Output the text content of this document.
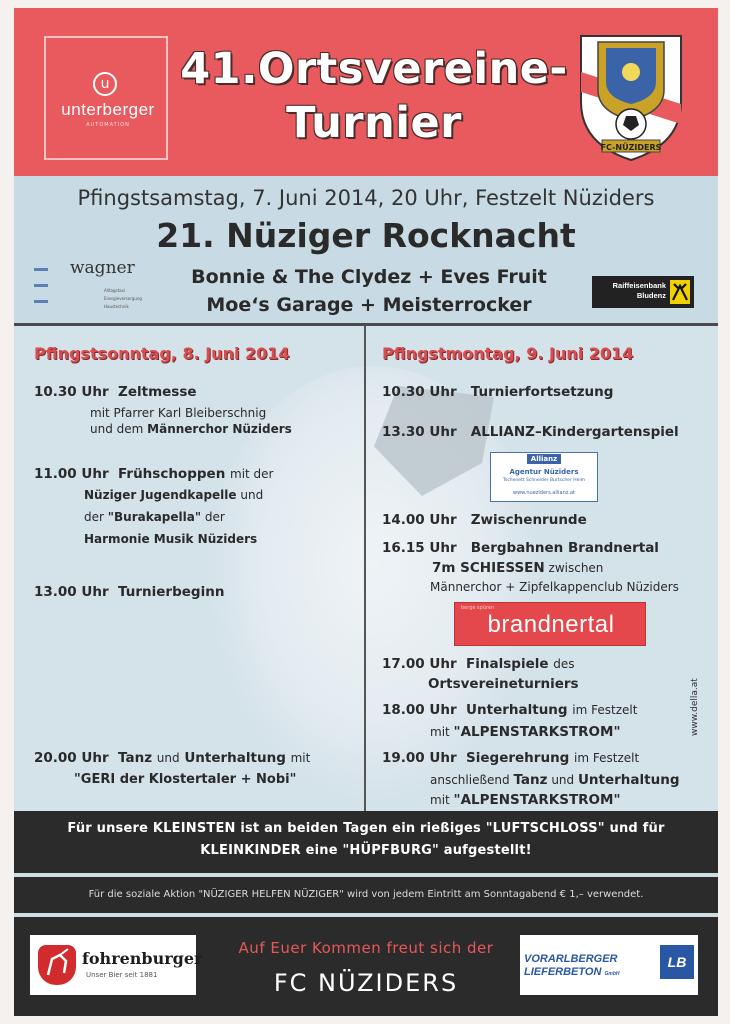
u
unterberger
AUTOMATION
41.Ortsvereine-
Turnier	FC-NÜZIDERS
Pfingstsamstag, 7. Juni 2014, 20 Uhr, Festzelt Nüziders
21. Nüziger Rocknacht
Bonnie & The Clydez + Eves Fruit
Moe‘s Garage + Meisterrocker
wagner
Alltagstaxi
Energieversorgung
Haustechnik
Raiffeisenbank
Bludenz
Pfingstsonntag, 8. Juni 2014
10.30 Uhr Zeltmesse
mit Pfarrer Karl Bleiberschnig
und dem Männerchor Nüziders
11.00 Uhr Frühschoppen mit der
Nüziger Jugendkapelle und
der "Burakapella" der
Harmonie Musik Nüziders
13.00 Uhr Turnierbeginn
20.00 Uhr Tanz und Unterhaltung mit
"GERI der Klostertaler + Nobi"
Pfingstmontag, 9. Juni 2014
10.30 Uhr Turnierfortsetzung
13.30 Uhr ALLIANZ–Kindergartenspiel
Allianz
Agentur Nüziders
Tschenett Schneider Burtscher Heim
www.nueziders.allianz.at
14.00 Uhr Zwischenrunde
16.15 Uhr Bergbahnen Brandnertal
7m SCHIESSEN zwischen
Männerchor + Zipfelkappenclub Nüziders
berge spüren
brandnertal
17.00 Uhr Finalspiele des
Ortsvereineturniers
18.00 Uhr Unterhaltung im Festzelt
mit "ALPENSTARKSTROM"
19.00 Uhr Siegerehrung im Festzelt
anschließend Tanz und Unterhaltung
mit "ALPENSTARKSTROM"
www.della.at
Für unsere KLEINSTEN ist an beiden Tagen ein rießiges "LUFTSCHLOSS" und für
KLEINKINDER eine "HÜPFBURG" aufgestellt!
Für die soziale Aktion "NÜZIGER HELFEN NÜZIGER" wird von jedem Eintritt am Sonntagabend € 1,– verwendet.
fohrenburger
Unser Bier seit 1881
Auf Euer Kommen freut sich der
FC NÜZIDERS
VORARLBERGER
LIEFERBETON GmbH
LB
